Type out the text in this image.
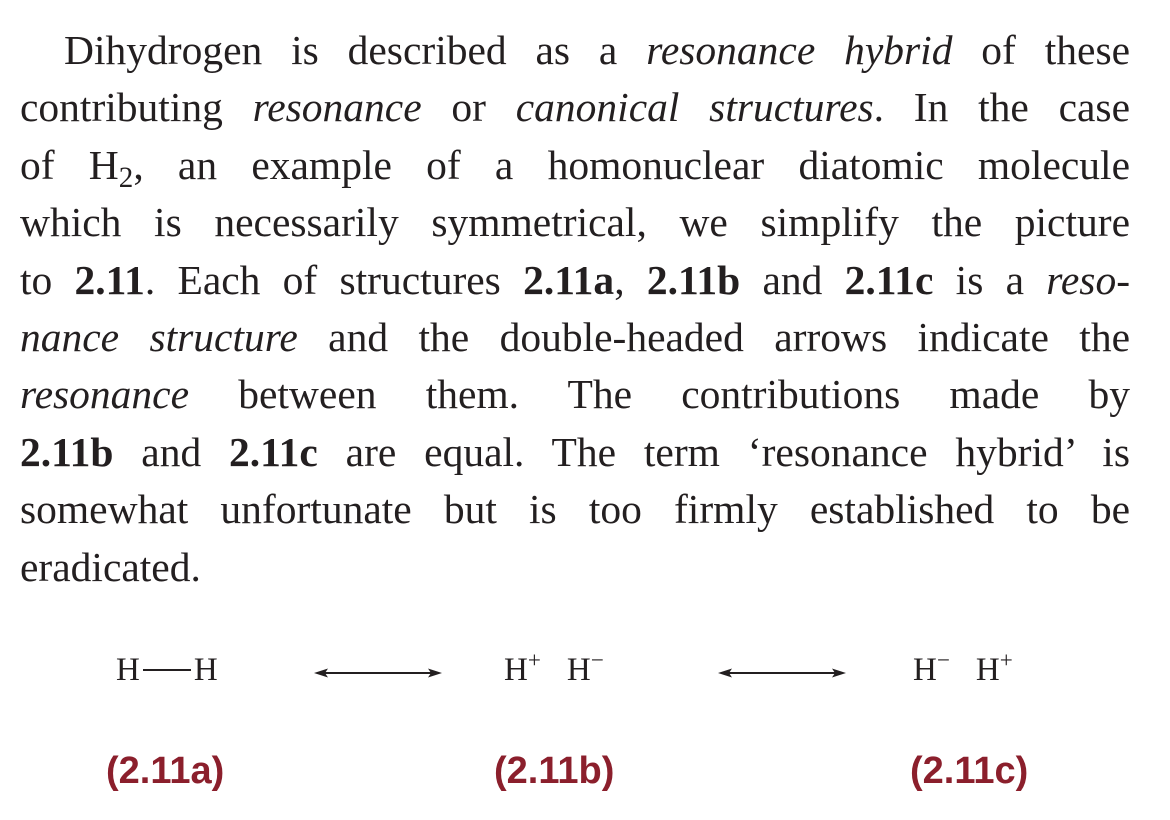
Dihydrogen is described as a resonance hybrid of these
contributing resonance or canonical structures. In the case
of $H_2$, an example of a homonuclear diatomic molecule
which is necessarily symmetrical, we simplify the picture
to 2.11. Each of structures 2.11a, 2.11b and 2.11c is a reso-
nance structure and the double-headed arrows indicate the
resonance between them. The contributions made by
2.11b and 2.11c are equal. The term ‘resonance hybrid’ is
somewhat unfortunate but is too firmly established to be
eradicated.
H H	H+ H−	H− H+
(2.11a)	(2.11b)	(2.11c)
